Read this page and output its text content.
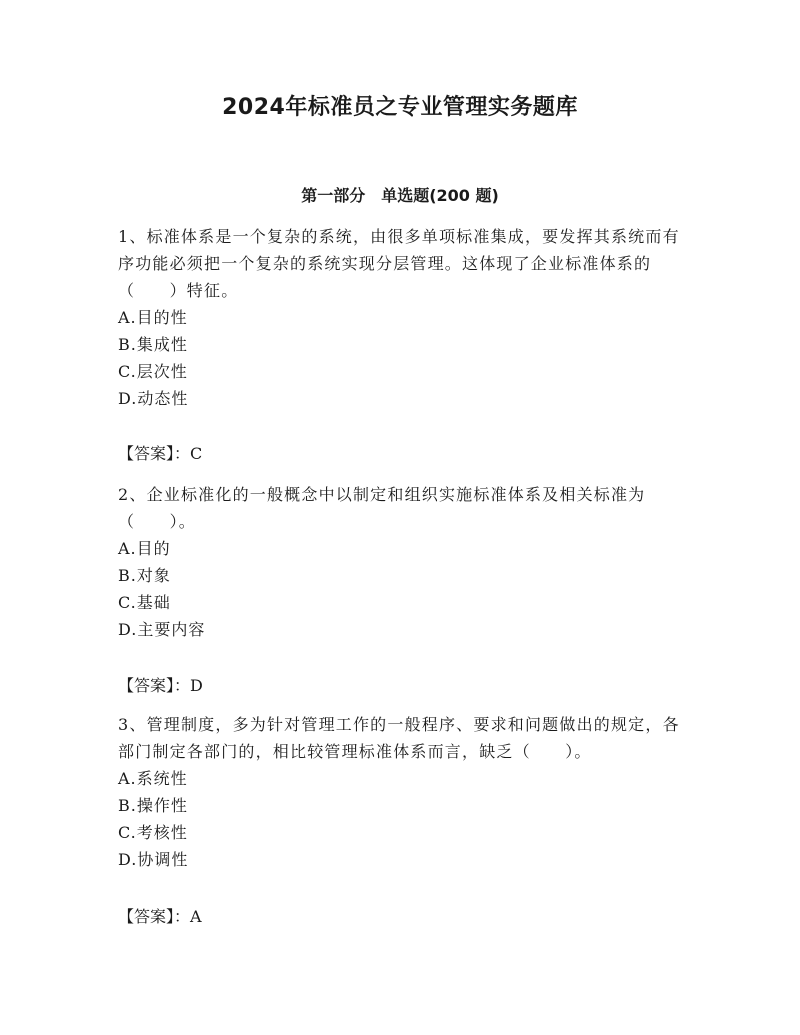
2024年标准员之专业管理实务题库
第一部分 单选题(200 题)
1、标准体系是一个复杂的系统，由很多单项标准集成，要发挥其系统而有序功能必须把一个复杂的系统实现分层管理。这体现了企业标准体系的（　　）特征。
A.目的性
B.集成性
C.层次性
D.动态性
【答案】：C
2、企业标准化的一般概念中以制定和组织实施标准体系及相关标准为（　　）。
A.目的
B.对象
C.基础
D.主要内容
【答案】：D
3、管理制度，多为针对管理工作的一般程序、要求和问题做出的规定，各部门制定各部门的，相比较管理标准体系而言，缺乏（　　）。
A.系统性
B.操作性
C.考核性
D.协调性
【答案】：A
